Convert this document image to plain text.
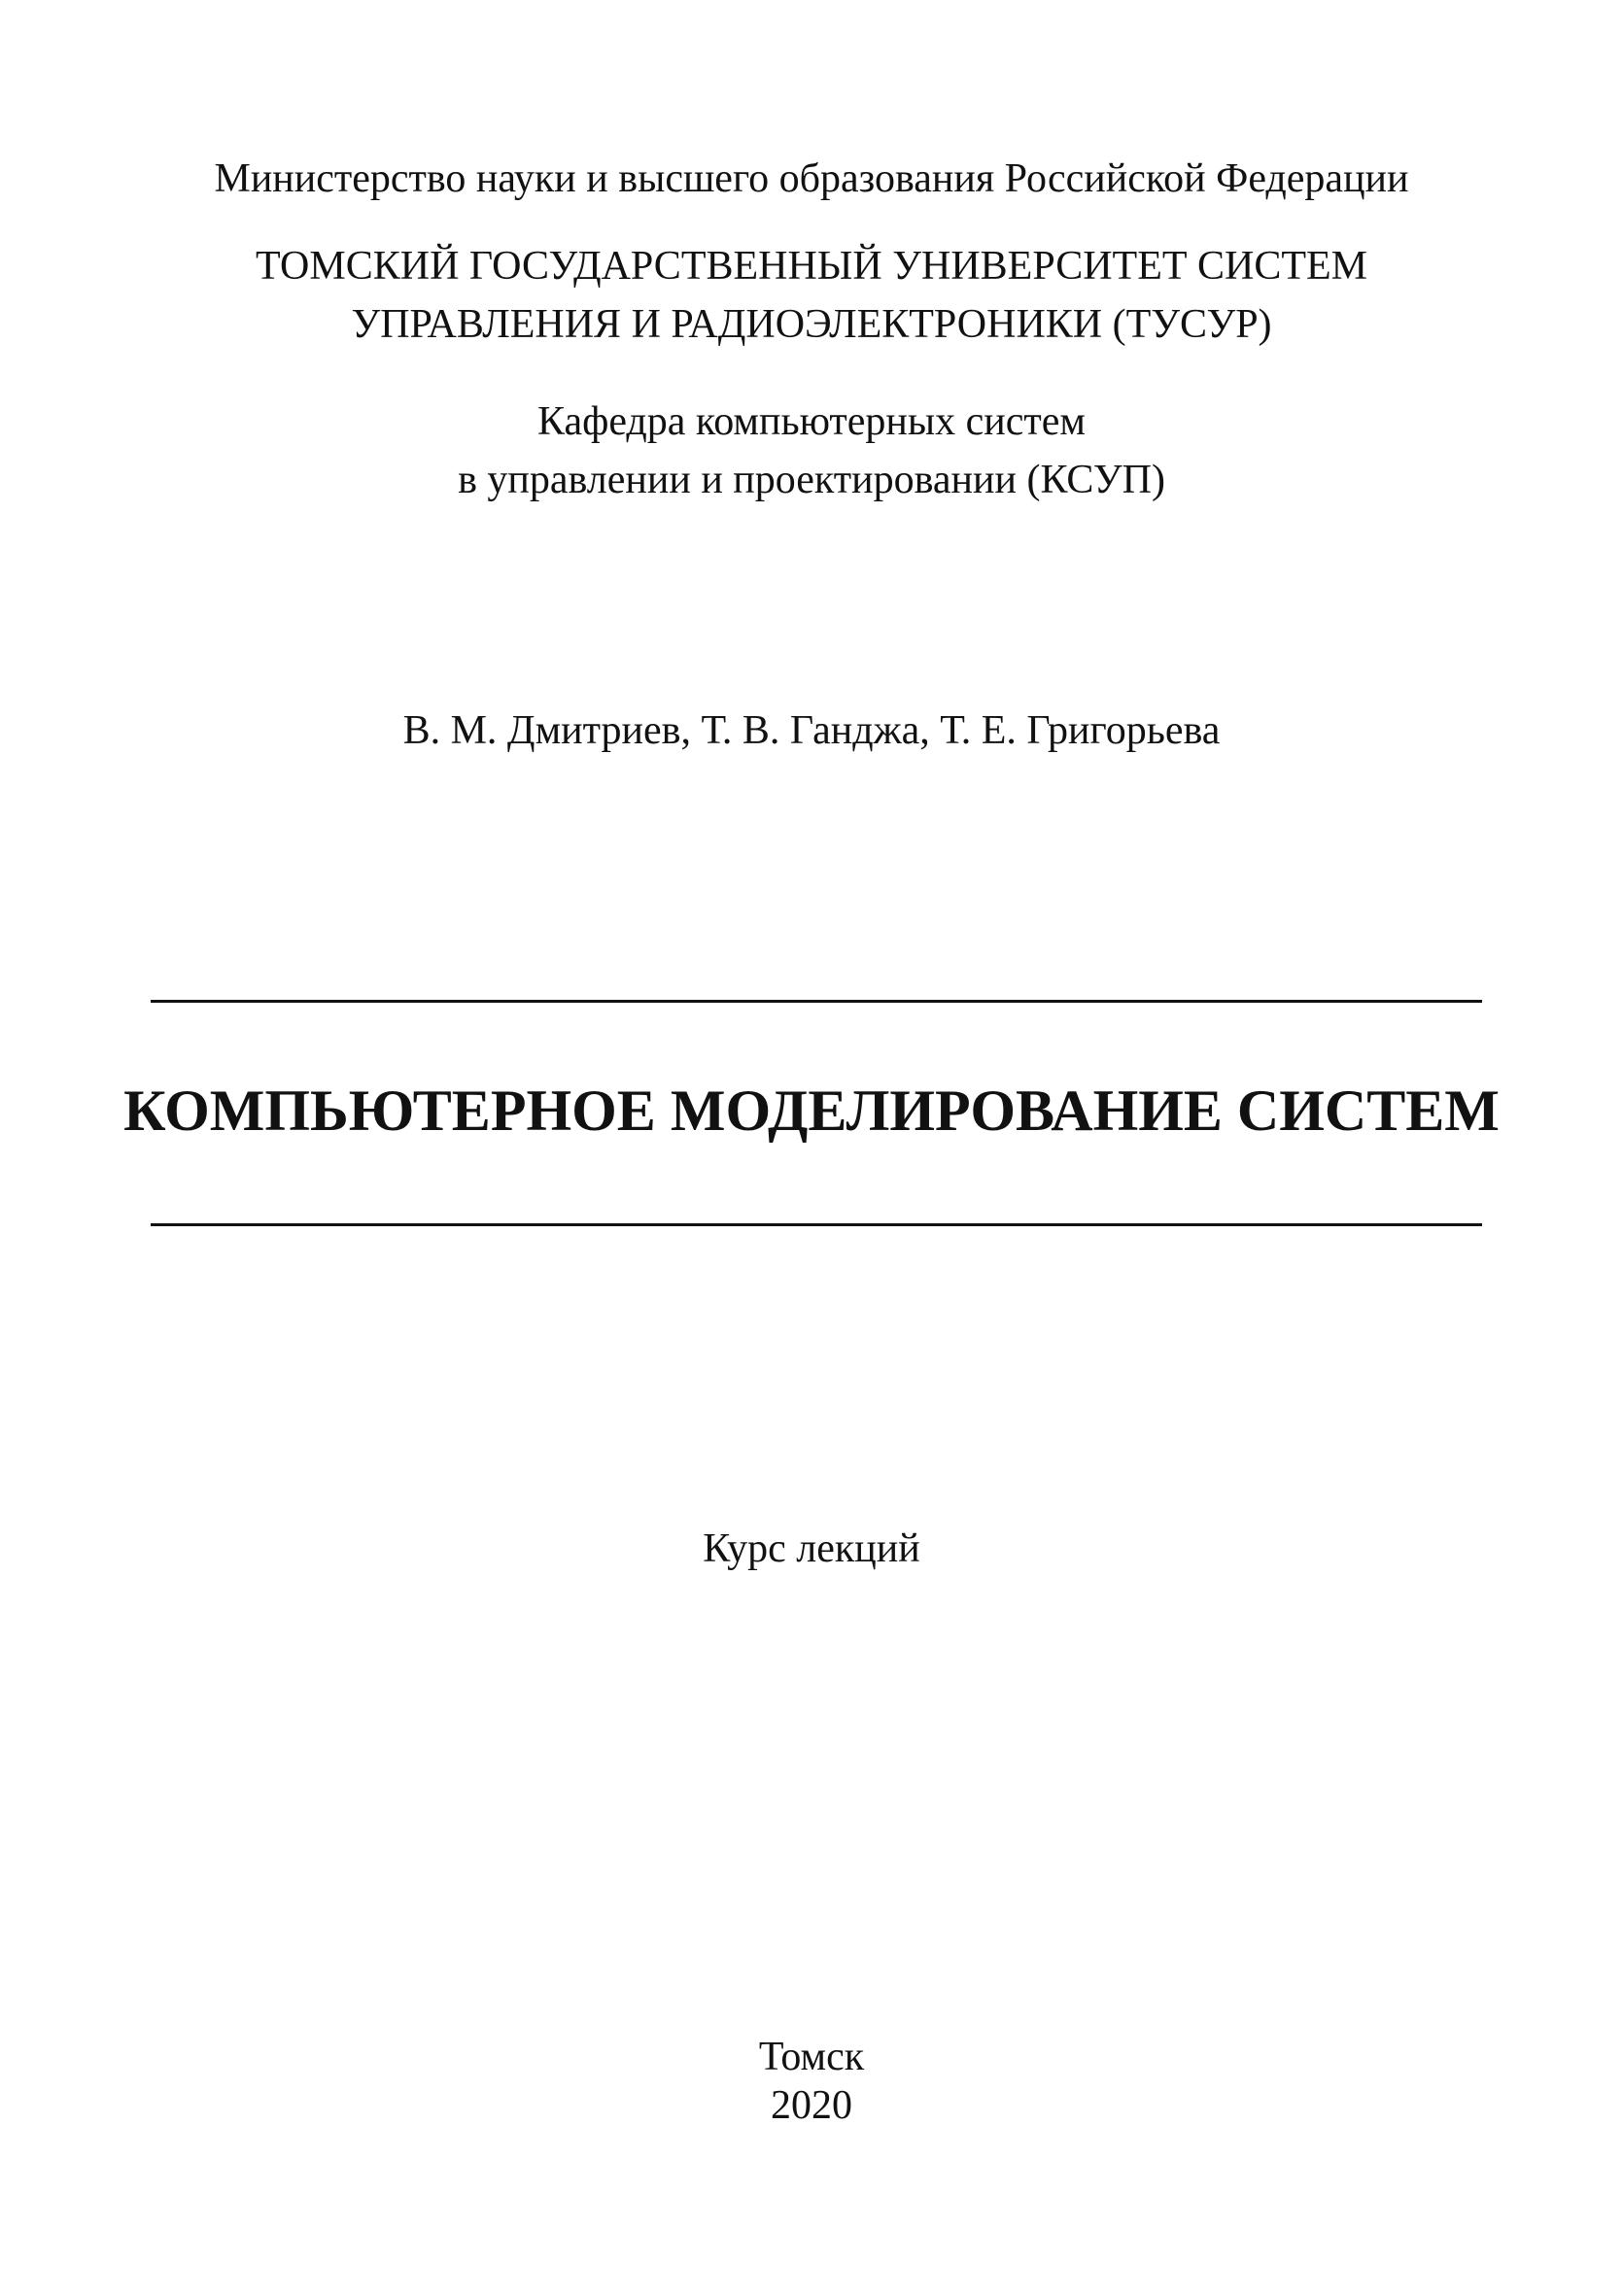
Министерство науки и высшего образования Российской Федерации
ТОМСКИЙ ГОСУДАРСТВЕННЫЙ УНИВЕРСИТЕТ СИСТЕМ
УПРАВЛЕНИЯ И РАДИОЭЛЕКТРОНИКИ (ТУСУР)
Кафедра компьютерных систем
в управлении и проектировании (КСУП)
В. М. Дмитриев, Т. В. Ганджа, Т. Е. Григорьева
КОМПЬЮТЕРНОЕ МОДЕЛИРОВАНИЕ СИСТЕМ
Курс лекций
Томск
2020
